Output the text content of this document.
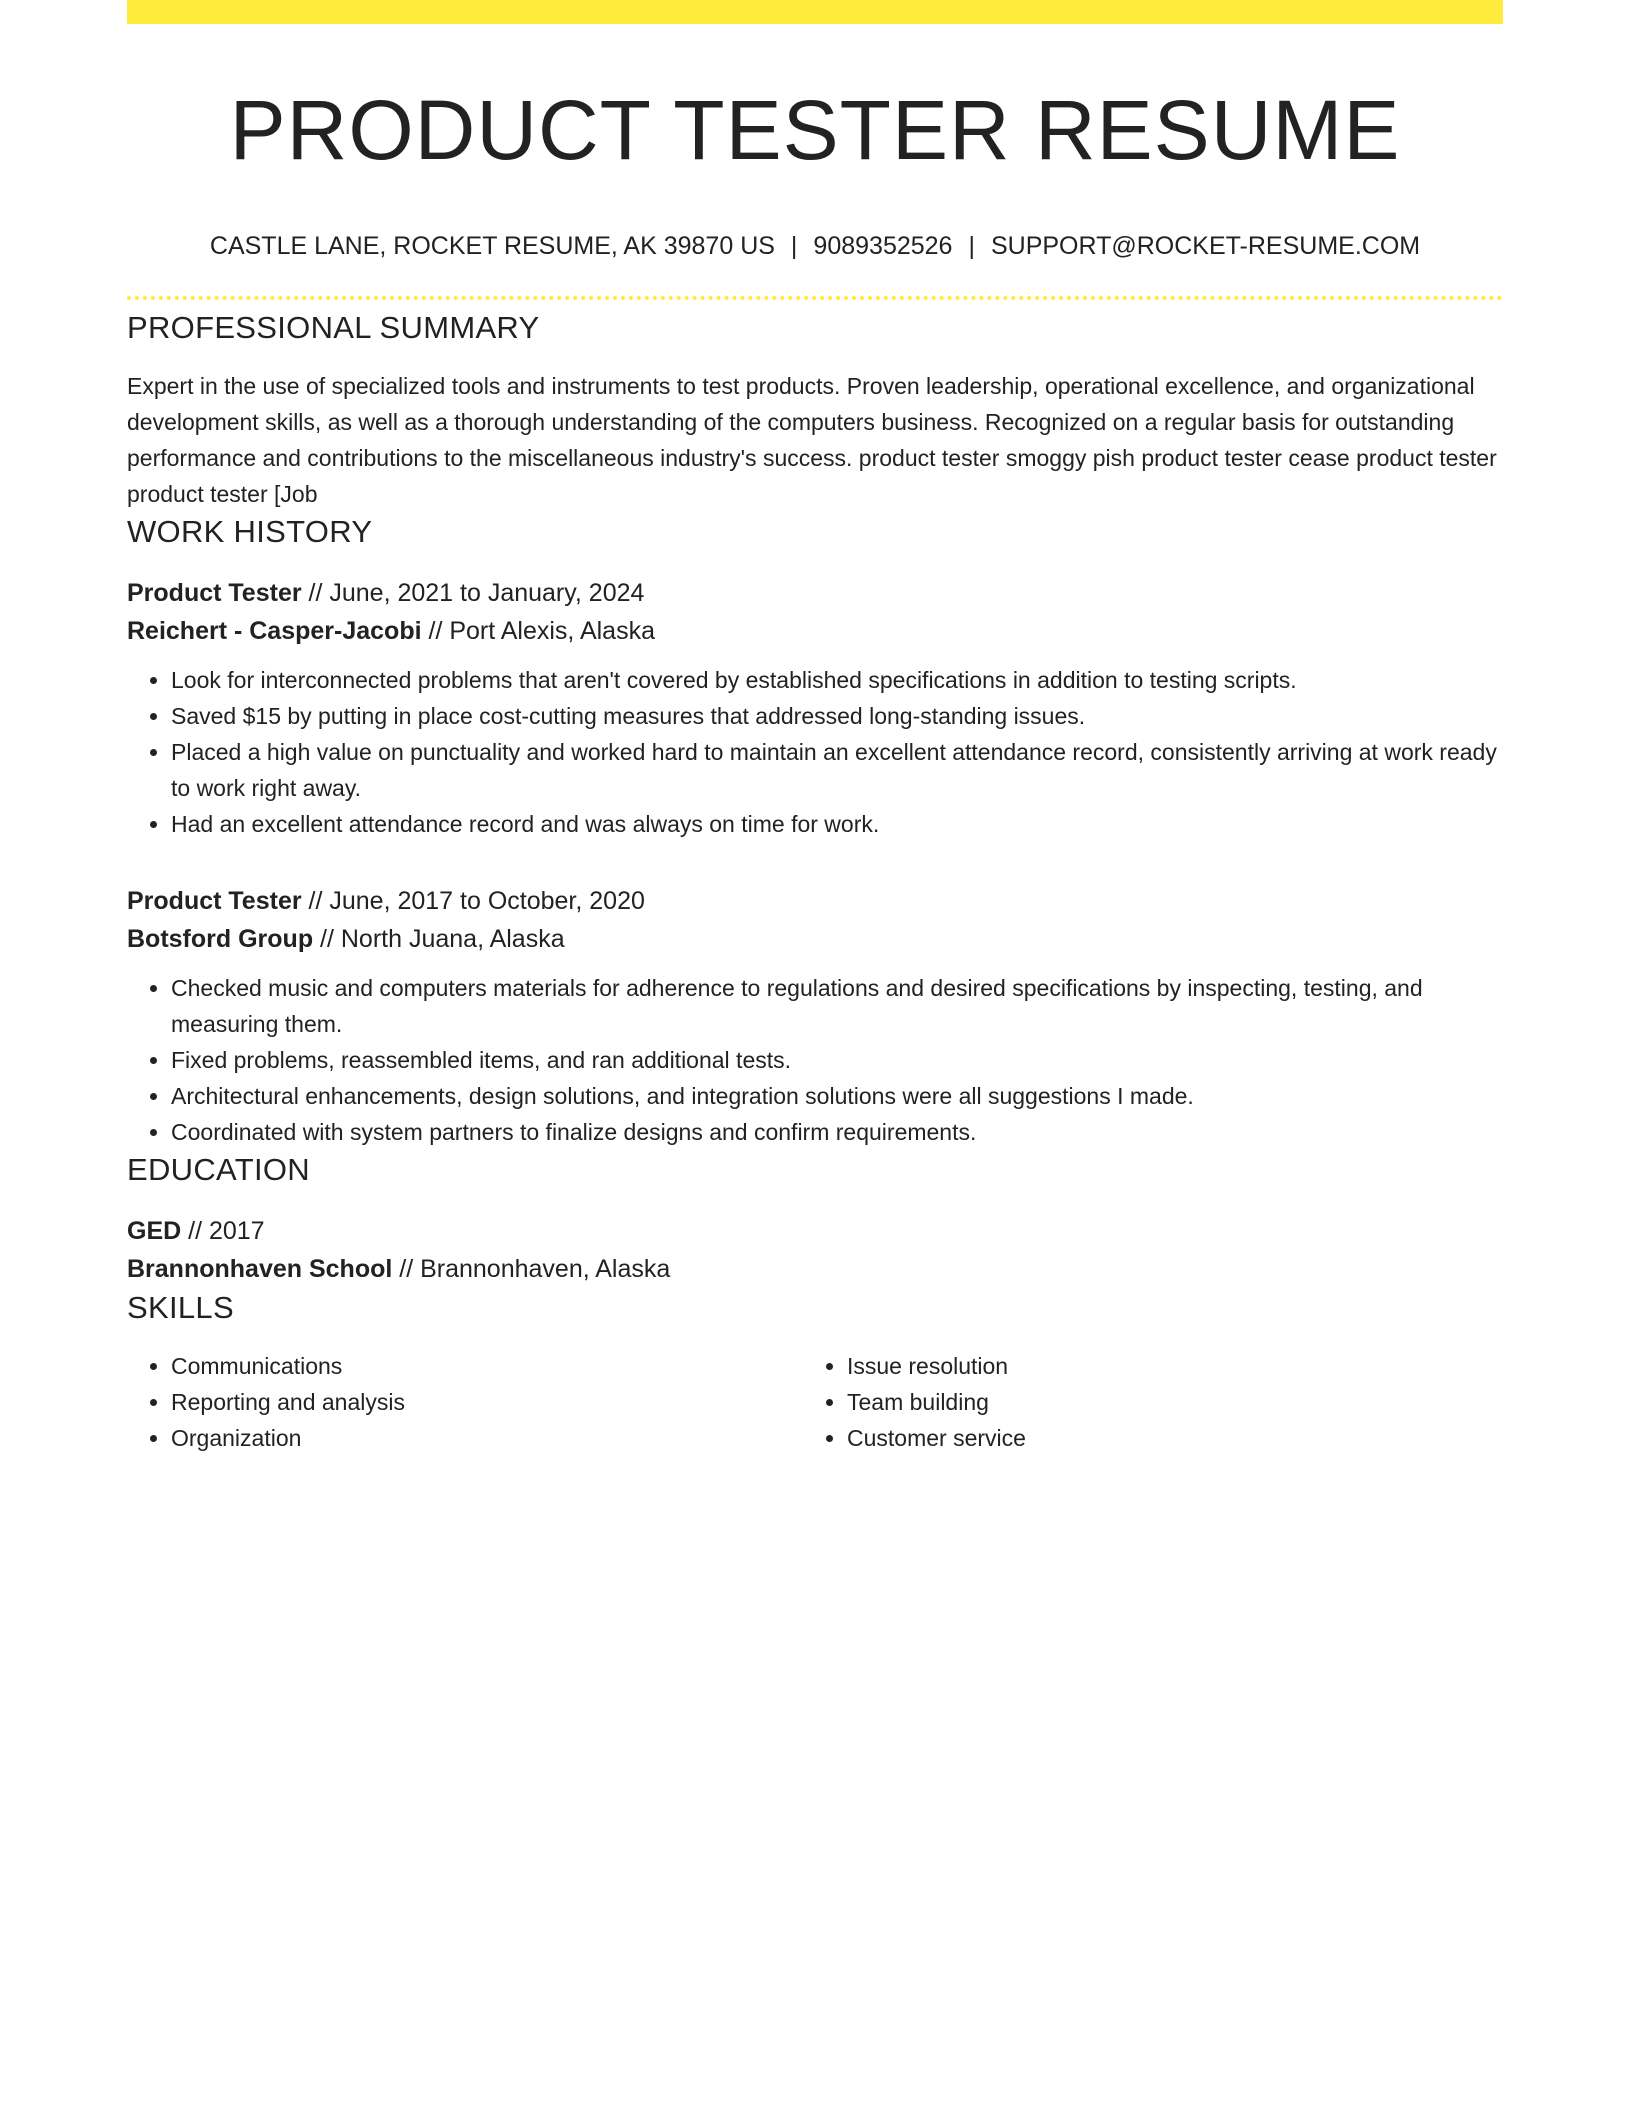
PRODUCT TESTER RESUME
CASTLE LANE, ROCKET RESUME, AK 39870 US | 9089352526 | SUPPORT@ROCKET-RESUME.COM
PROFESSIONAL SUMMARY

Expert in the use of specialized tools and instruments to test products. Proven leadership, operational excellence, and organizational development skills, as well as a thorough understanding of the computers business. Recognized on a regular basis for outstanding performance and contributions to the miscellaneous industry's success. product tester smoggy pish product tester cease product tester product tester [Job

WORK HISTORY
Product Tester // June, 2021 to January, 2024
Reichert - Casper-Jacobi // Port Alexis, Alaska
• Look for interconnected problems that aren't covered by established specifications in addition to testing scripts.
• Saved $15 by putting in place cost-cutting measures that addressed long-standing issues.
• Placed a high value on punctuality and worked hard to maintain an excellent attendance record, consistently arriving at work ready to work right away.
• Had an excellent attendance record and was always on time for work.
Product Tester // June, 2017 to October, 2020
Botsford Group // North Juana, Alaska
• Checked music and computers materials for adherence to regulations and desired specifications by inspecting, testing, and measuring them.
• Fixed problems, reassembled items, and ran additional tests.
• Architectural enhancements, design solutions, and integration solutions were all suggestions I made.
• Coordinated with system partners to finalize designs and confirm requirements.
EDUCATION
GED // 2017
Brannonhaven School // Brannonhaven, Alaska
SKILLS
• Communications
• Reporting and analysis
• Organization
• Issue resolution
• Team building
• Customer service
